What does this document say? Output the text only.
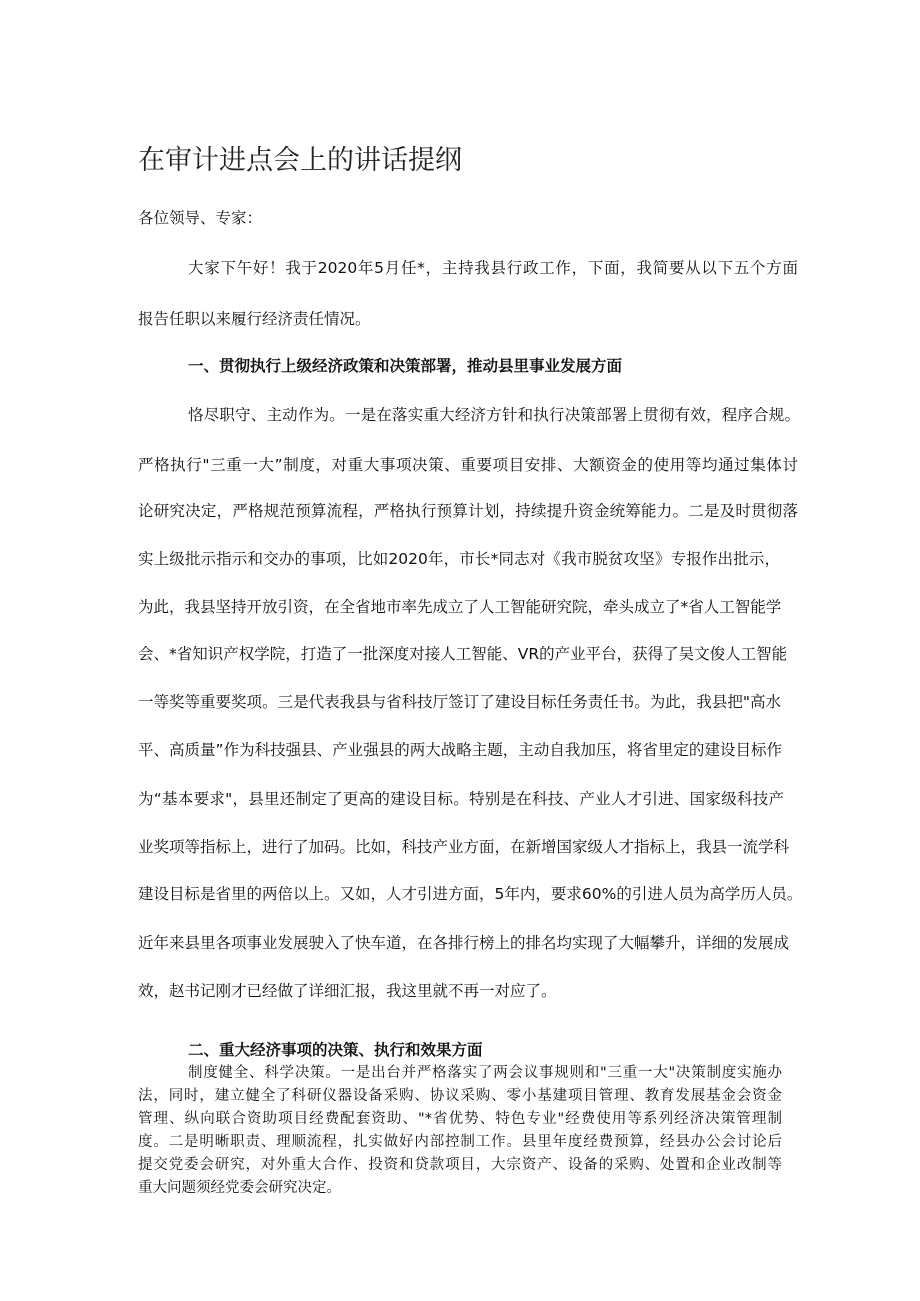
在审计进点会上的讲话提纲
各位领导、专家：
大家下午好！我于2020年5月任*，主持我县行政工作，下面，我简要从以下五个方面
报告任职以来履行经济责任情况。
一、贯彻执行上级经济政策和决策部署，推动县里事业发展方面
恪尽职守、主动作为。一是在落实重大经济方针和执行决策部署上贯彻有效，程序合规。
严格执行"三重一大”制度，对重大事项决策、重要项目安排、大额资金的使用等均通过集体讨
论研究决定，严格规范预算流程，严格执行预算计划，持续提升资金统筹能力。二是及时贯彻落
实上级批示指示和交办的事项，比如2020年，市长*同志对《我市脱贫攻坚》专报作出批示，
为此，我县坚持开放引资，在全省地市率先成立了人工智能研究院，牵头成立了*省人工智能学
会、*省知识产权学院，打造了一批深度对接人工智能、VR的产业平台，获得了吴文俊人工智能
一等奖等重要奖项。三是代表我县与省科技厅签订了建设目标任务责任书。为此，我县把"高水
平、高质量”作为科技强县、产业强县的两大战略主题，主动自我加压，将省里定的建设目标作
为“基本要求"，县里还制定了更高的建设目标。特别是在科技、产业人才引进、国家级科技产
业奖项等指标上，进行了加码。比如，科技产业方面，在新增国家级人才指标上，我县一流学科
建设目标是省里的两倍以上。又如，人才引进方面，5年内，要求60%的引进人员为高学历人员。
近年来县里各项事业发展驶入了快车道，在各排行榜上的排名均实现了大幅攀升，详细的发展成
效，赵书记刚才已经做了详细汇报，我这里就不再一对应了。
二、重大经济事项的决策、执行和效果方面
制度健全、科学决策。一是出台并严格落实了两会议事规则和"三重一大"决策制度实施办
法，同时，建立健全了科研仪器设备采购、协议采购、零小基建项目管理、教育发展基金会资金
管理、纵向联合资助项目经费配套资助、"*省优势、特色专业"经费使用等系列经济决策管理制
度。二是明晰职责、理顺流程，扎实做好内部控制工作。县里年度经费预算，经县办公会讨论后
提交党委会研究，对外重大合作、投资和贷款项目，大宗资产、设备的采购、处置和企业改制等
重大问题须经党委会研究决定。
